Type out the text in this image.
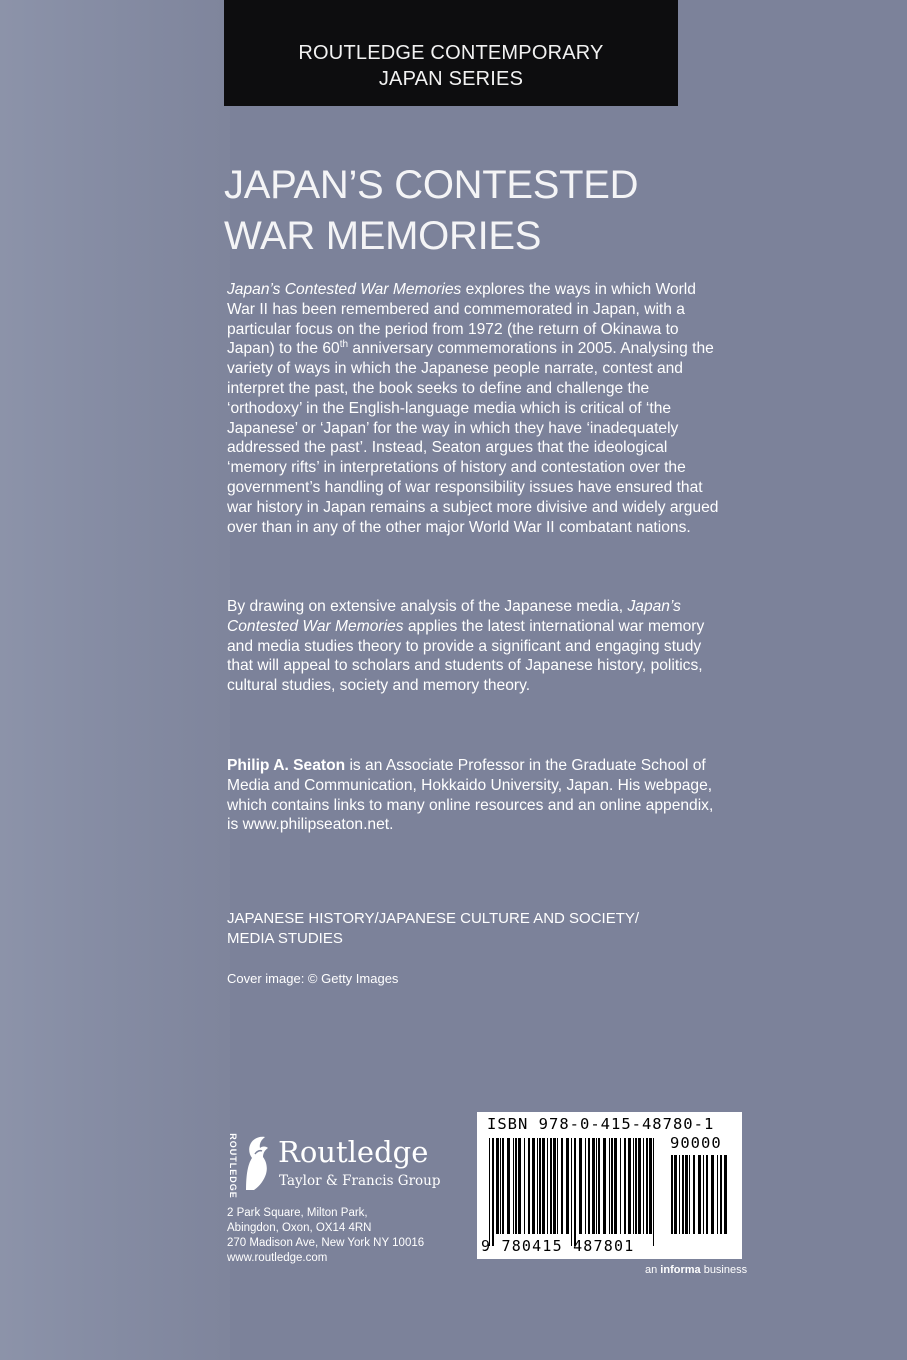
ROUTLEDGE CONTEMPORARY
JAPAN SERIES
JAPAN’S CONTESTED
WAR MEMORIES

Japan’s Contested War Memories explores the ways in which World War II has been remembered and commemorated in Japan, with a particular focus on the period from 1972 (the return of Okinawa to Japan) to the 60th anniversary commemorations in 2005. Analysing the variety of ways in which the Japanese people narrate, contest and interpret the past, the book seeks to define and challenge the ‘orthodoxy’ in the English-language media which is critical of ‘the Japanese’ or ‘Japan’ for the way in which they have ‘inadequately addressed the past’. Instead, Seaton argues that the ideological ‘memory rifts’ in interpretations of history and contestation over the government’s handling of war responsibility issues have ensured that war history in Japan remains a subject more divisive and widely argued over than in any of the other major World War II combatant nations.

By drawing on extensive analysis of the Japanese media, Japan’s Contested War Memories applies the latest international war memory and media studies theory to provide a significant and engaging study that will appeal to scholars and students of Japanese history, politics, cultural studies, society and memory theory.

Philip A. Seaton is an Associate Professor in the Graduate School of Media and Communication, Hokkaido University, Japan. His webpage, which contains links to many online resources and an online appendix, is www.philipseaton.net.

JAPANESE HISTORY/JAPANESE CULTURE AND SOCIETY/
MEDIA STUDIES
Cover image: © Getty Images
ROUTLEDGE Routledge
Taylor & Francis Group
2 Park Square, Milton Park,
Abingdon, Oxon, OX14 4RN
270 Madison Ave, New York NY 10016
www.routledge.com
ISBN 978-0-415-48780-1
90000
9 780415 487801
an informa business
